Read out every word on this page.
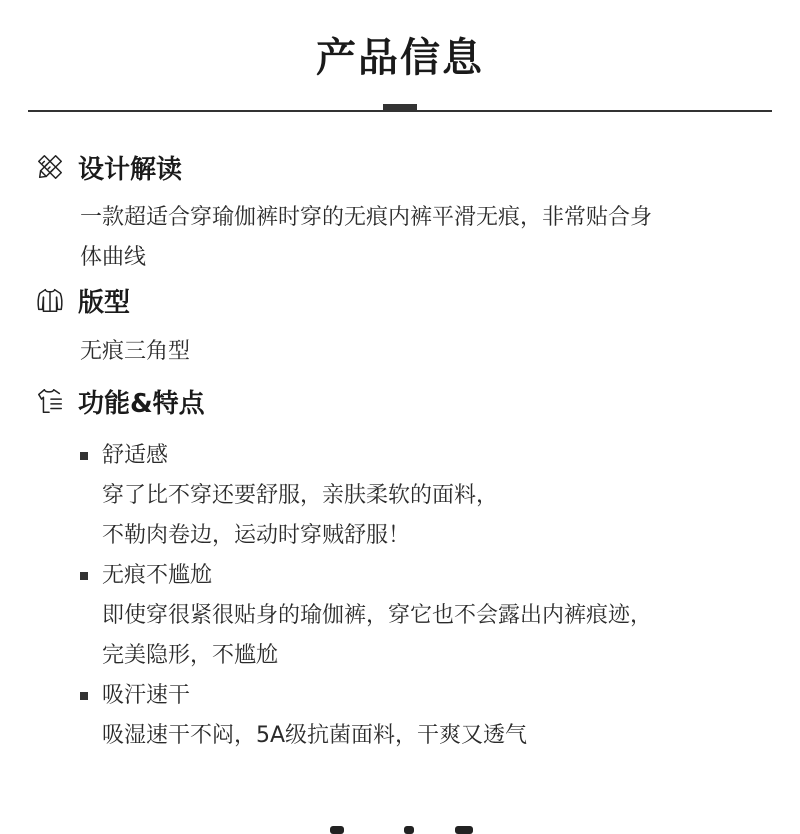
产品信息
设计解读
一款超适合穿瑜伽裤时穿的无痕内裤平滑无痕，非常贴合身
体曲线
版型
无痕三角型
功能&特点
舒适感
穿了比不穿还要舒服，亲肤柔软的面料，
不勒肉卷边，运动时穿贼舒服！
无痕不尴尬
即使穿很紧很贴身的瑜伽裤，穿它也不会露出内裤痕迹，
完美隐形，不尴尬
吸汗速干
吸湿速干不闷，5A级抗菌面料，干爽又透气
